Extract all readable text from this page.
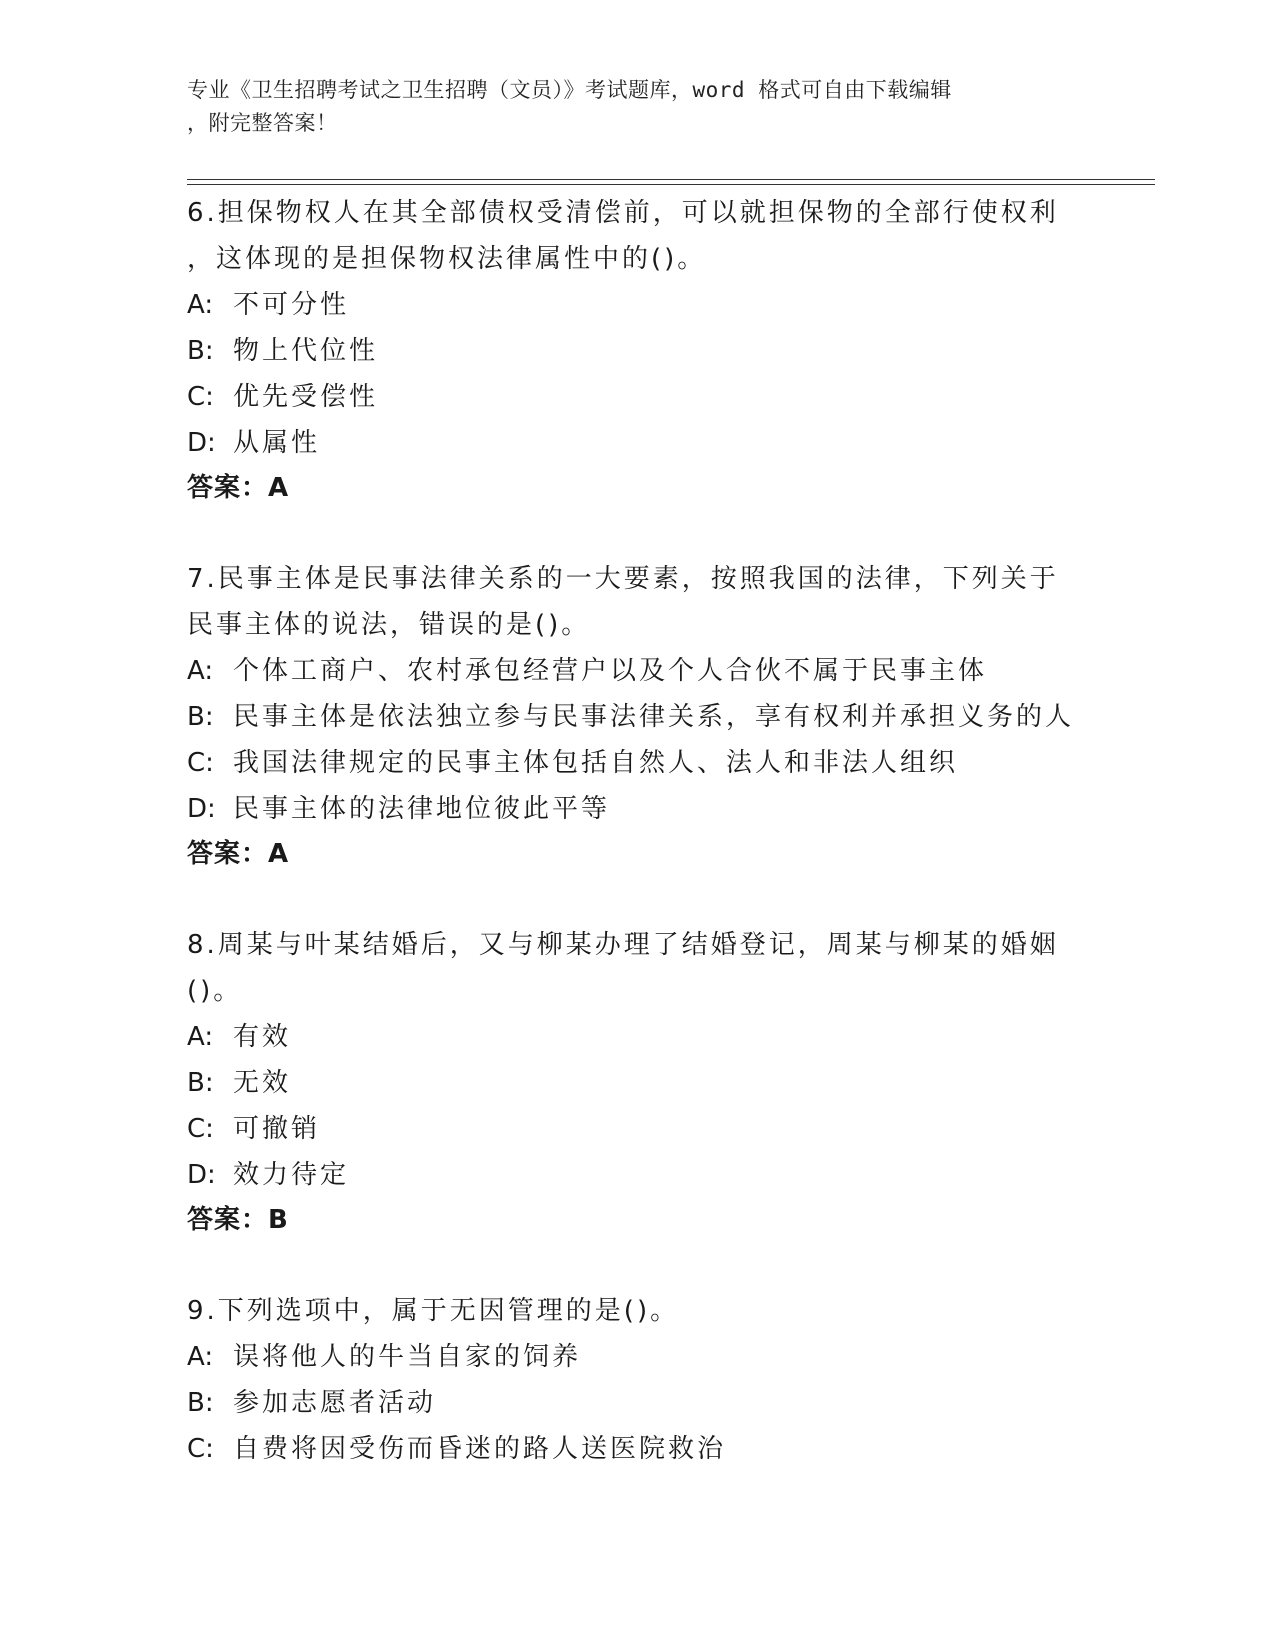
专业《卫生招聘考试之卫生招聘（文员）》考试题库，word 格式可自由下载编辑
，附完整答案！
6.担保物权人在其全部债权受清偿前，可以就担保物的全部行使权利
，这体现的是担保物权法律属性中的()。
A: 不可分性
B: 物上代位性
C: 优先受偿性
D: 从属性
答案：A
7.民事主体是民事法律关系的一大要素，按照我国的法律，下列关于
民事主体的说法，错误的是()。
A: 个体工商户、农村承包经营户以及个人合伙不属于民事主体
B: 民事主体是依法独立参与民事法律关系，享有权利并承担义务的人
C: 我国法律规定的民事主体包括自然人、法人和非法人组织
D: 民事主体的法律地位彼此平等
答案：A
8.周某与叶某结婚后，又与柳某办理了结婚登记，周某与柳某的婚姻
()。
A: 有效
B: 无效
C: 可撤销
D: 效力待定
答案：B
9.下列选项中，属于无因管理的是()。
A: 误将他人的牛当自家的饲养
B: 参加志愿者活动
C: 自费将因受伤而昏迷的路人送医院救治
